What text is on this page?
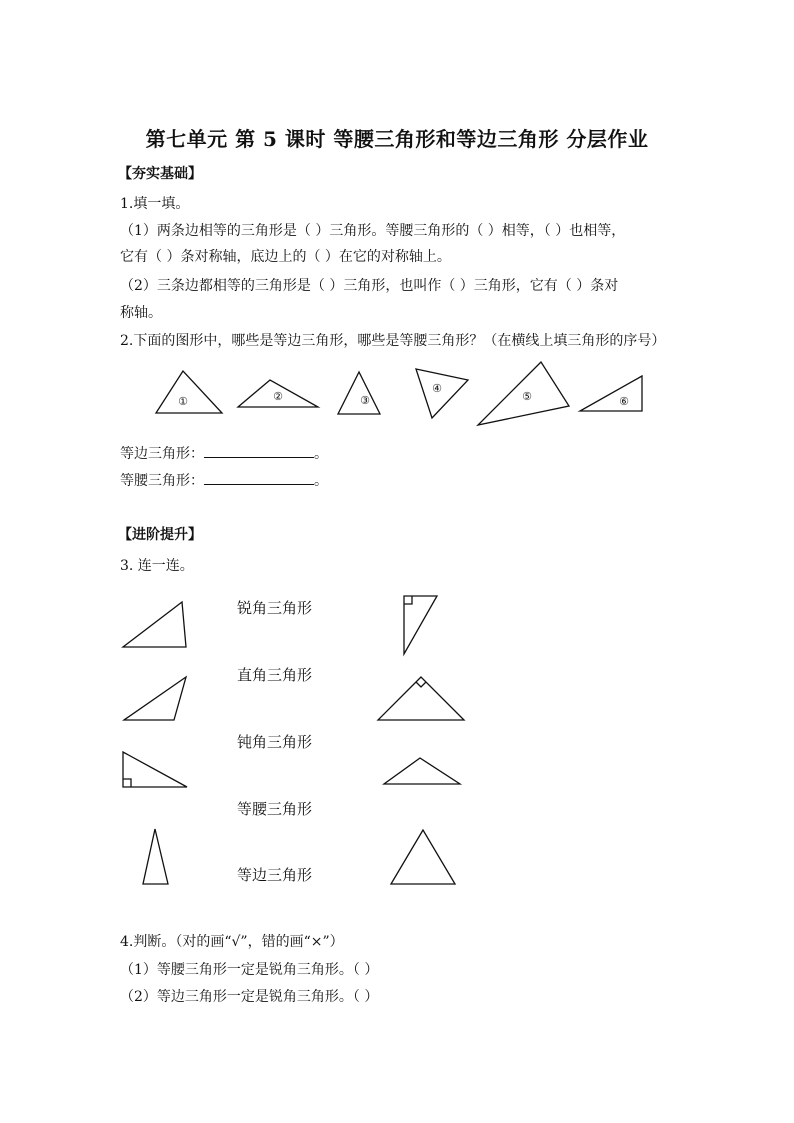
第七单元 第 5 课时 等腰三角形和等边三角形 分层作业
【夯实基础】
1.填一填。
（1）两条边相等的三角形是（ ）三角形。等腰三角形的（ ）相等，（ ）也相等，
它有（ ）条对称轴，底边上的（ ）在它的对称轴上。
（2）三条边都相等的三角形是（ ）三角形，也叫作（ ）三角形，它有（ ）条对
称轴。
2.下面的图形中，哪些是等边三角形，哪些是等腰三角形？（在横线上填三角形的序号）
①	②	③
④
⑤	⑥
等边三角形：	。
等腰三角形：	。
【进阶提升】
3. 连一连。
锐角三角形
直角三角形
钝角三角形
等腰三角形
等边三角形
4.判断。（对的画“√”，错的画“×”）
（1）等腰三角形一定是锐角三角形。（ ）
（2）等边三角形一定是锐角三角形。（ ）
